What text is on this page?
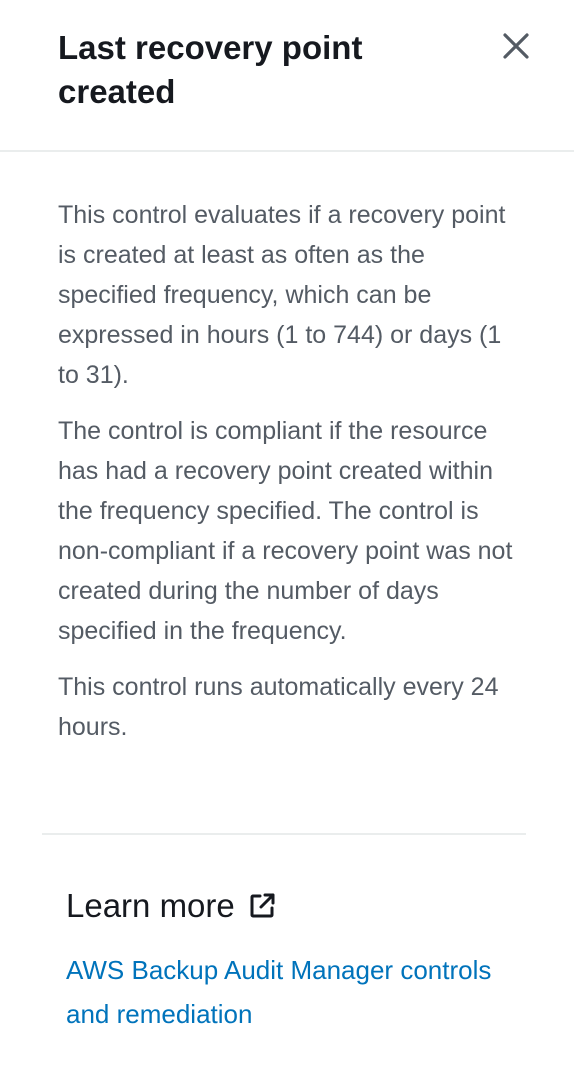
Last recovery point created

This control evaluates if a recovery point is created at least as often as the specified frequency, which can be expressed in hours (1 to 744) or days (1 to 31).

The control is compliant if the resource has had a recovery point created within the frequency specified. The control is non-compliant if a recovery point was not created during the number of days specified in the frequency.

This control runs automatically every 24 hours.

Learn more
AWS Backup Audit Manager controls and remediation
